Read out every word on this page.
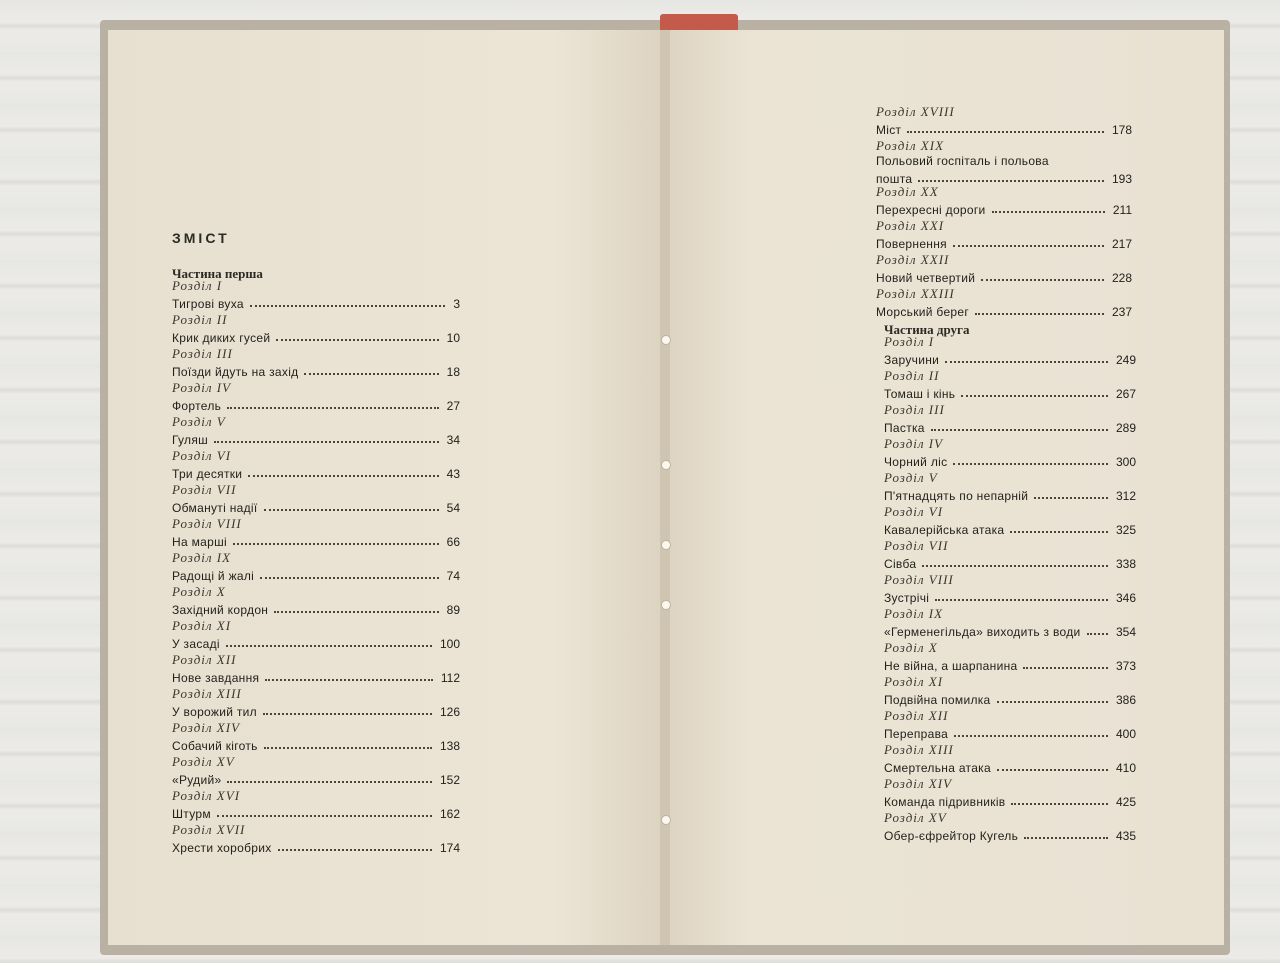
ЗМІСТ
Частина перша
Частина друга
Розділ I
Тигрові вуха	3
Розділ II
Крик диких гусей	10
Розділ III
Поїзди йдуть на захід	18
Розділ IV
Фортель	27
Розділ V
Гуляш	34
Розділ VI
Три десятки	43
Розділ VII
Обмануті надії	54
Розділ VIII
На марші	66
Розділ IX
Радощі й жалі	74
Розділ X
Західний кордон	89
Розділ XI
У засаді	100
Розділ XII
Нове завдання	112
Розділ XIII
У ворожий тил	126
Розділ XIV
Собачий кіготь	138
Розділ XV
«Рудий»	152
Розділ XVI
Штурм	162
Розділ XVII
Хрести хоробрих	174
Розділ XVIII
Міст	178
Розділ XIX
Польовий госпіталь і польова
пошта	193
Розділ XX
Перехресні дороги	211
Розділ XXI
Повернення	217
Розділ XXII
Новий четвертий	228
Розділ XXIII
Морський берег	237
Розділ I
Заручини	249
Розділ II
Томаш і кінь	267
Розділ III
Пастка	289
Розділ IV
Чорний ліс	300
Розділ V
П'ятнадцять по непарній	312
Розділ VI
Кавалерійська атака	325
Розділ VII
Сівба	338
Розділ VIII
Зустрічі	346
Розділ IX
«Герменегільда» виходить з води	354
Розділ X
Не війна, а шарпанина	373
Розділ XI
Подвійна помилка	386
Розділ XII
Переправа	400
Розділ XIII
Смертельна атака	410
Розділ XIV
Команда підривників	425
Розділ XV
Обер-єфрейтор Кугель	435
